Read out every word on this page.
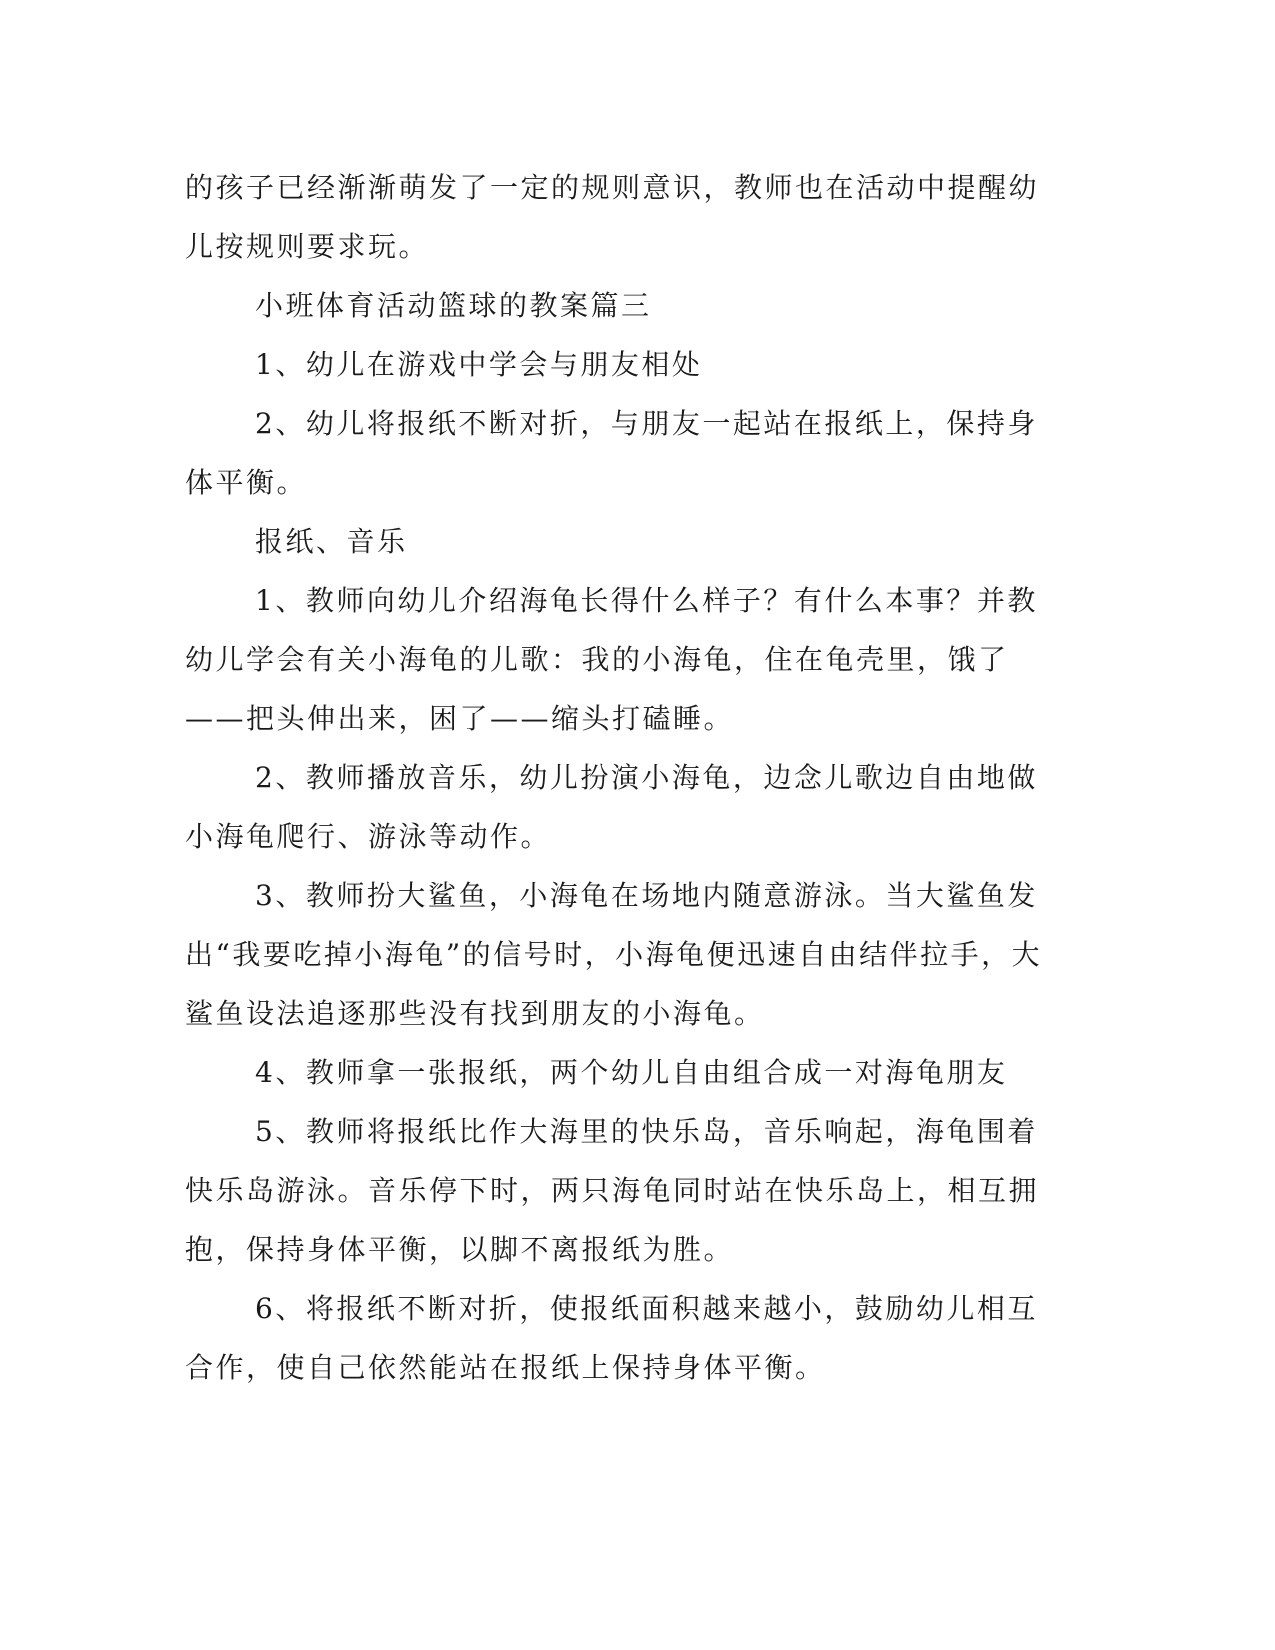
的孩子已经渐渐萌发了一定的规则意识，教师也在活动中提醒幼儿按规则要求玩。

小班体育活动篮球的教案篇三

1、幼儿在游戏中学会与朋友相处

2、幼儿将报纸不断对折，与朋友一起站在报纸上，保持身体平衡。

报纸、音乐

1、教师向幼儿介绍海龟长得什么样子？有什么本事？并教幼儿学会有关小海龟的儿歌：我的小海龟，住在龟壳里，饿了——把头伸出来，困了——缩头打磕睡。

2、教师播放音乐，幼儿扮演小海龟，边念儿歌边自由地做小海龟爬行、游泳等动作。

3、教师扮大鲨鱼，小海龟在场地内随意游泳。当大鲨鱼发出“我要吃掉小海龟”的信号时，小海龟便迅速自由结伴拉手，大鲨鱼设法追逐那些没有找到朋友的小海龟。

4、教师拿一张报纸，两个幼儿自由组合成一对海龟朋友

5、教师将报纸比作大海里的快乐岛，音乐响起，海龟围着快乐岛游泳。音乐停下时，两只海龟同时站在快乐岛上，相互拥抱，保持身体平衡，以脚不离报纸为胜。

6、将报纸不断对折，使报纸面积越来越小，鼓励幼儿相互合作，使自己依然能站在报纸上保持身体平衡。
